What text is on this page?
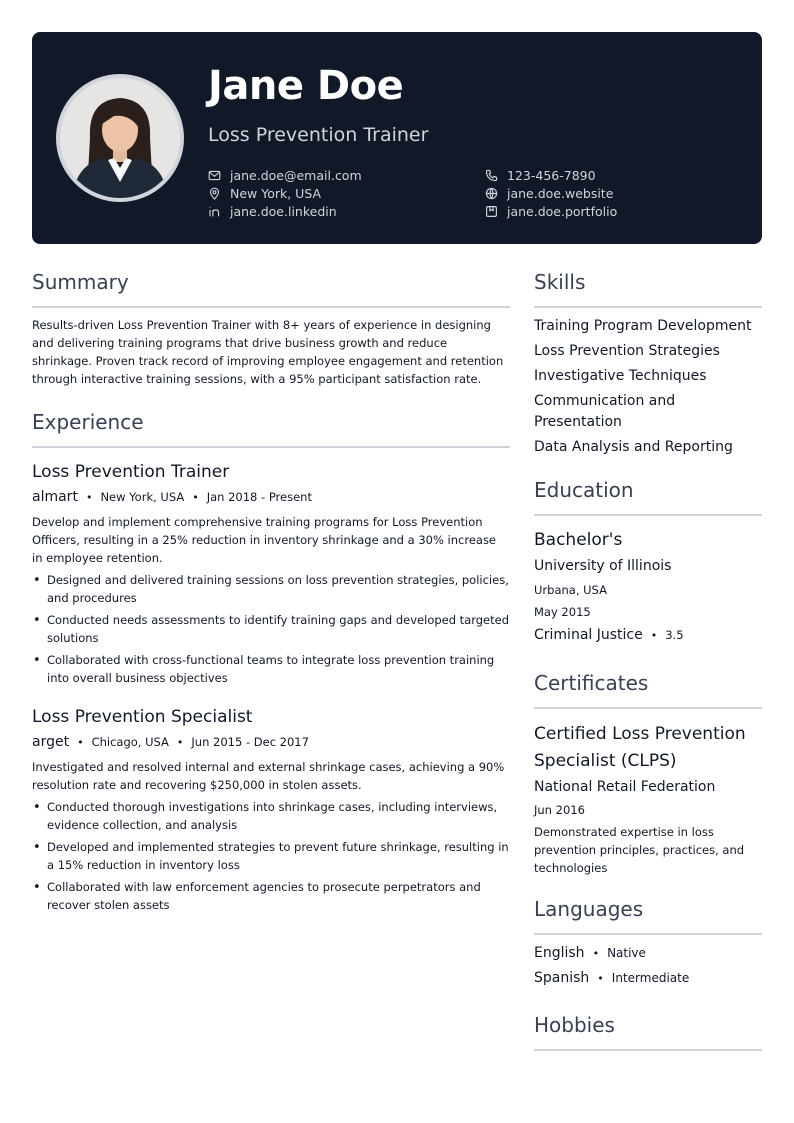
Jane Doe
Loss Prevention Trainer
jane.doe@email.com
New York, USA
jane.doe.linkedin
123-456-7890
jane.doe.website
jane.doe.portfolio
Summary
Results-driven Loss Prevention Trainer with 8+ years of experience in designing and delivering training programs that drive business growth and reduce shrinkage. Proven track record of improving employee engagement and retention through interactive training sessions, with a 95% participant satisfaction rate.
Experience
Loss Prevention Trainer
almart • New York, USA • Jan 2018 - Present
Develop and implement comprehensive training programs for Loss Prevention Officers, resulting in a 25% reduction in inventory shrinkage and a 30% increase in employee retention.
• Designed and delivered training sessions on loss prevention strategies, policies, and procedures
• Conducted needs assessments to identify training gaps and developed targeted solutions
• Collaborated with cross-functional teams to integrate loss prevention training into overall business objectives
Loss Prevention Specialist
arget • Chicago, USA • Jun 2015 - Dec 2017
Investigated and resolved internal and external shrinkage cases, achieving a 90% resolution rate and recovering $250,000 in stolen assets.
• Conducted thorough investigations into shrinkage cases, including interviews, evidence collection, and analysis
• Developed and implemented strategies to prevent future shrinkage, resulting in a 15% reduction in inventory loss
• Collaborated with law enforcement agencies to prosecute perpetrators and recover stolen assets
Skills
Training Program Development
Loss Prevention Strategies
Investigative Techniques
Communication and Presentation
Data Analysis and Reporting
Education
Bachelor's
University of Illinois
Urbana, USA
May 2015
Criminal Justice • 3.5
Certificates
Certified Loss Prevention Specialist (CLPS)
National Retail Federation
Jun 2016
Demonstrated expertise in loss prevention principles, practices, and technologies
Languages
English • Native
Spanish • Intermediate
Hobbies
